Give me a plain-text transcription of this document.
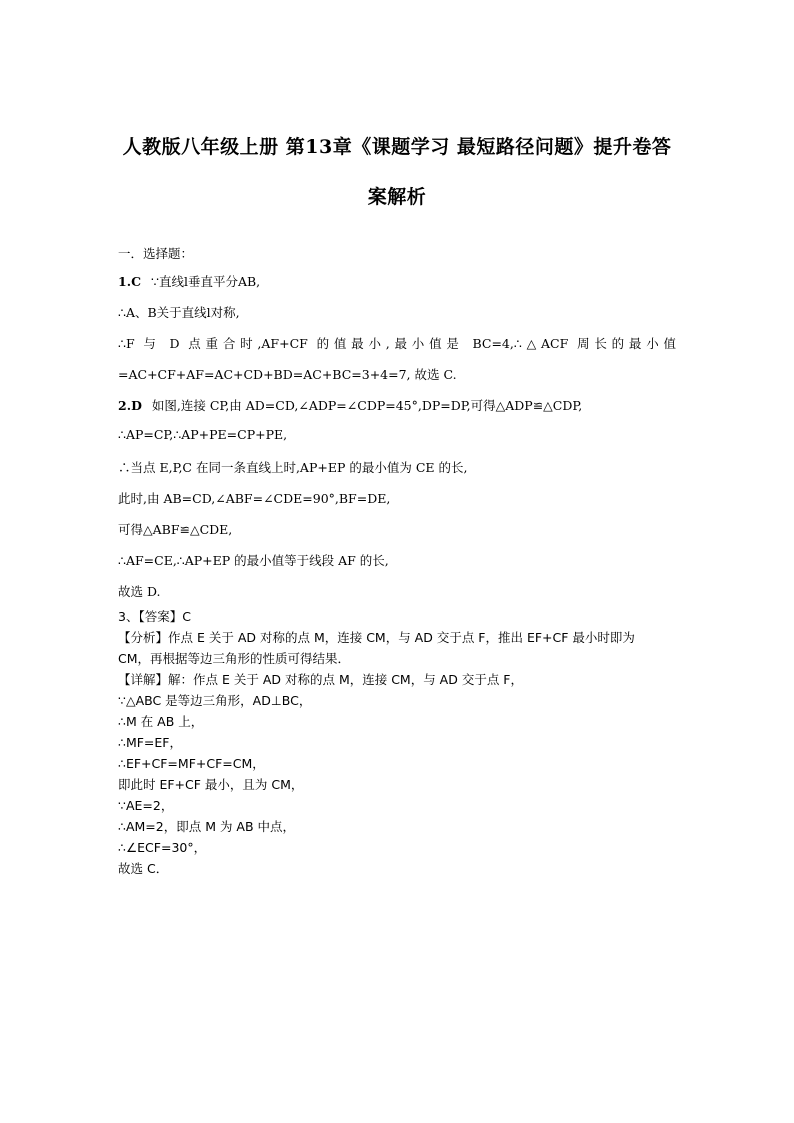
人教版八年级上册 第13章《课题学习 最短路径问题》提升卷答
案解析

一．选择题：

1.C ∵直线l垂直平分AB,

∴A、B关于直线l对称,

∴F 与 D 点重合时,AF+CF 的值最小,最小值是 BC=4,∴△ACF 周长的最小值

=AC+CF+AF=AC+CD+BD=AC+BC=3+4=7, 故选 C.

2.D 如图,连接 CP,由 AD=CD,∠ADP=∠CDP=45°,DP=DP,可得△ADP≌△CDP,

∴AP=CP,∴AP+PE=CP+PE,

∴当点 E,P,C 在同一条直线上时,AP+EP 的最小值为 CE 的长,

此时,由 AB=CD,∠ABF=∠CDE=90°,BF=DE,

可得△ABF≌△CDE,

∴AF=CE,∴AP+EP 的最小值等于线段 AF 的长,

故选 D.

3、【答案】C

【分析】作点 E 关于 AD 对称的点 M，连接 CM，与 AD 交于点 F，推出 EF+CF 最小时即为

CM，再根据等边三角形的性质可得结果．

【详解】解：作点 E 关于 AD 对称的点 M，连接 CM，与 AD 交于点 F，

∵△ABC 是等边三角形，AD⊥BC，

∴M 在 AB 上，

∴MF=EF，

∴EF+CF=MF+CF=CM，

即此时 EF+CF 最小，且为 CM，

∵AE=2，

∴AM=2，即点 M 为 AB 中点，

∴∠ECF=30°，

故选 C．
